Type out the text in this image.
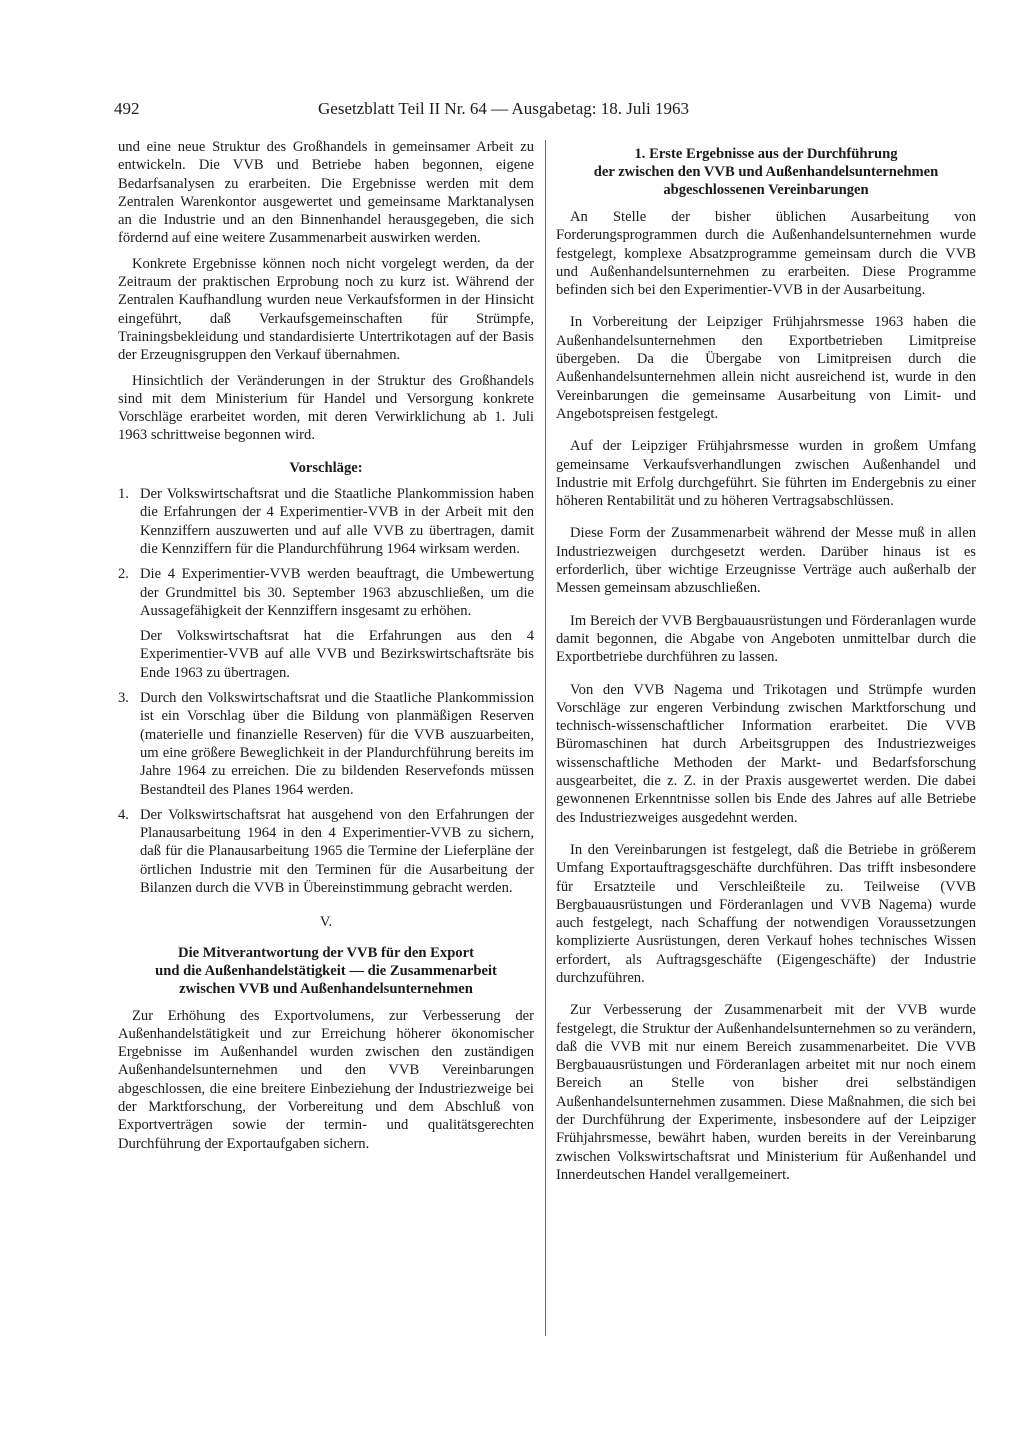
492	Gesetzblatt Teil II Nr. 64 — Ausgabetag: 18. Juli 1963

und eine neue Struktur des Großhandels in gemeinsamer Arbeit zu entwickeln. Die VVB und Betriebe haben begonnen, eigene Bedarfsanalysen zu erarbeiten. Die Ergebnisse werden mit dem Zentralen Warenkontor ausgewertet und gemeinsame Marktanalysen an die Industrie und an den Binnenhandel herausgegeben, die sich fördernd auf eine weitere Zusammenarbeit auswirken werden.

Konkrete Ergebnisse können noch nicht vorgelegt werden, da der Zeitraum der praktischen Erprobung noch zu kurz ist. Während der Zentralen Kaufhandlung wurden neue Verkaufsformen in der Hinsicht eingeführt, daß Verkaufsgemeinschaften für Strümpfe, Trainingsbekleidung und standardisierte Untertrikotagen auf der Basis der Erzeugnisgruppen den Verkauf übernahmen.

Hinsichtlich der Veränderungen in der Struktur des Großhandels sind mit dem Ministerium für Handel und Versorgung konkrete Vorschläge erarbeitet worden, mit deren Verwirklichung ab 1. Juli 1963 schrittweise begonnen wird.

Vorschläge:
1. Der Volkswirtschaftsrat und die Staatliche Plankommission haben die Erfahrungen der 4 Experimentier-VVB in der Arbeit mit den Kennziffern auszuwerten und auf alle VVB zu übertragen, damit die Kennziffern für die Plandurchführung 1964 wirksam werden.

2. Die 4 Experimentier-VVB werden beauftragt, die Umbewertung der Grundmittel bis 30. September 1963 abzuschließen, um die Aussagefähigkeit der Kennziffern insgesamt zu erhöhen.

Der Volkswirtschaftsrat hat die Erfahrungen aus den 4 Experimentier-VVB auf alle VVB und Bezirkswirtschaftsräte bis Ende 1963 zu übertragen.

3. Durch den Volkswirtschaftsrat und die Staatliche Plankommission ist ein Vorschlag über die Bildung von planmäßigen Reserven (materielle und finanzielle Reserven) für die VVB auszuarbeiten, um eine größere Beweglichkeit in der Plandurchführung bereits im Jahre 1964 zu erreichen. Die zu bildenden Reservefonds müssen Bestandteil des Planes 1964 werden.

4. Der Volkswirtschaftsrat hat ausgehend von den Erfahrungen der Planausarbeitung 1964 in den 4 Experimentier-VVB zu sichern, daß für die Planausarbeitung 1965 die Termine der Lieferpläne der örtlichen Industrie mit den Terminen für die Ausarbeitung der Bilanzen durch die VVB in Übereinstimmung gebracht werden.

V.
Die Mitverantwortung der VVB für den Export
und die Außenhandelstätigkeit — die Zusammenarbeit
zwischen VVB und Außenhandelsunternehmen

Zur Erhöhung des Exportvolumens, zur Verbesserung der Außenhandelstätigkeit und zur Erreichung höherer ökonomischer Ergebnisse im Außenhandel wurden zwischen den zuständigen Außenhandelsunternehmen und den VVB Vereinbarungen abgeschlossen, die eine breitere Einbeziehung der Industriezweige bei der Marktforschung, der Vorbereitung und dem Abschluß von Exportverträgen sowie der termin- und qualitätsgerechten Durchführung der Exportaufgaben sichern.

1. Erste Ergebnisse aus der Durchführung
der zwischen den VVB und Außenhandelsunternehmen
abgeschlossenen Vereinbarungen

An Stelle der bisher üblichen Ausarbeitung von Forderungsprogrammen durch die Außenhandelsunternehmen wurde festgelegt, komplexe Absatzprogramme gemeinsam durch die VVB und Außenhandelsunternehmen zu erarbeiten. Diese Programme befinden sich bei den Experimentier-VVB in der Ausarbeitung.

In Vorbereitung der Leipziger Frühjahrsmesse 1963 haben die Außenhandelsunternehmen den Exportbetrieben Limitpreise übergeben. Da die Übergabe von Limitpreisen durch die Außenhandelsunternehmen allein nicht ausreichend ist, wurde in den Vereinbarungen die gemeinsame Ausarbeitung von Limit- und Angebotspreisen festgelegt.

Auf der Leipziger Frühjahrsmesse wurden in großem Umfang gemeinsame Verkaufsverhandlungen zwischen Außenhandel und Industrie mit Erfolg durchgeführt. Sie führten im Endergebnis zu einer höheren Rentabilität und zu höheren Vertragsabschlüssen.

Diese Form der Zusammenarbeit während der Messe muß in allen Industriezweigen durchgesetzt werden. Darüber hinaus ist es erforderlich, über wichtige Erzeugnisse Verträge auch außerhalb der Messen gemeinsam abzuschließen.

Im Bereich der VVB Bergbauausrüstungen und Förderanlagen wurde damit begonnen, die Abgabe von Angeboten unmittelbar durch die Exportbetriebe durchführen zu lassen.

Von den VVB Nagema und Trikotagen und Strümpfe wurden Vorschläge zur engeren Verbindung zwischen Marktforschung und technisch-wissenschaftlicher Information erarbeitet. Die VVB Büromaschinen hat durch Arbeitsgruppen des Industriezweiges wissenschaftliche Methoden der Markt- und Bedarfsforschung ausgearbeitet, die z. Z. in der Praxis ausgewertet werden. Die dabei gewonnenen Erkenntnisse sollen bis Ende des Jahres auf alle Betriebe des Industriezweiges ausgedehnt werden.

In den Vereinbarungen ist festgelegt, daß die Betriebe in größerem Umfang Exportauftragsgeschäfte durchführen. Das trifft insbesondere für Ersatzteile und Verschleißteile zu. Teilweise (VVB Bergbauausrüstungen und Förderanlagen und VVB Nagema) wurde auch festgelegt, nach Schaffung der notwendigen Voraussetzungen komplizierte Ausrüstungen, deren Verkauf hohes technisches Wissen erfordert, als Auftragsgeschäfte (Eigengeschäfte) der Industrie durchzuführen.

Zur Verbesserung der Zusammenarbeit mit der VVB wurde festgelegt, die Struktur der Außenhandelsunternehmen so zu verändern, daß die VVB mit nur einem Bereich zusammenarbeitet. Die VVB Bergbauausrüstungen und Förderanlagen arbeitet mit nur noch einem Bereich an Stelle von bisher drei selbständigen Außenhandelsunternehmen zusammen. Diese Maßnahmen, die sich bei der Durchführung der Experimente, insbesondere auf der Leipziger Frühjahrsmesse, bewährt haben, wurden bereits in der Vereinbarung zwischen Volkswirtschaftsrat und Ministerium für Außenhandel und Innerdeutschen Handel verallgemeinert.
